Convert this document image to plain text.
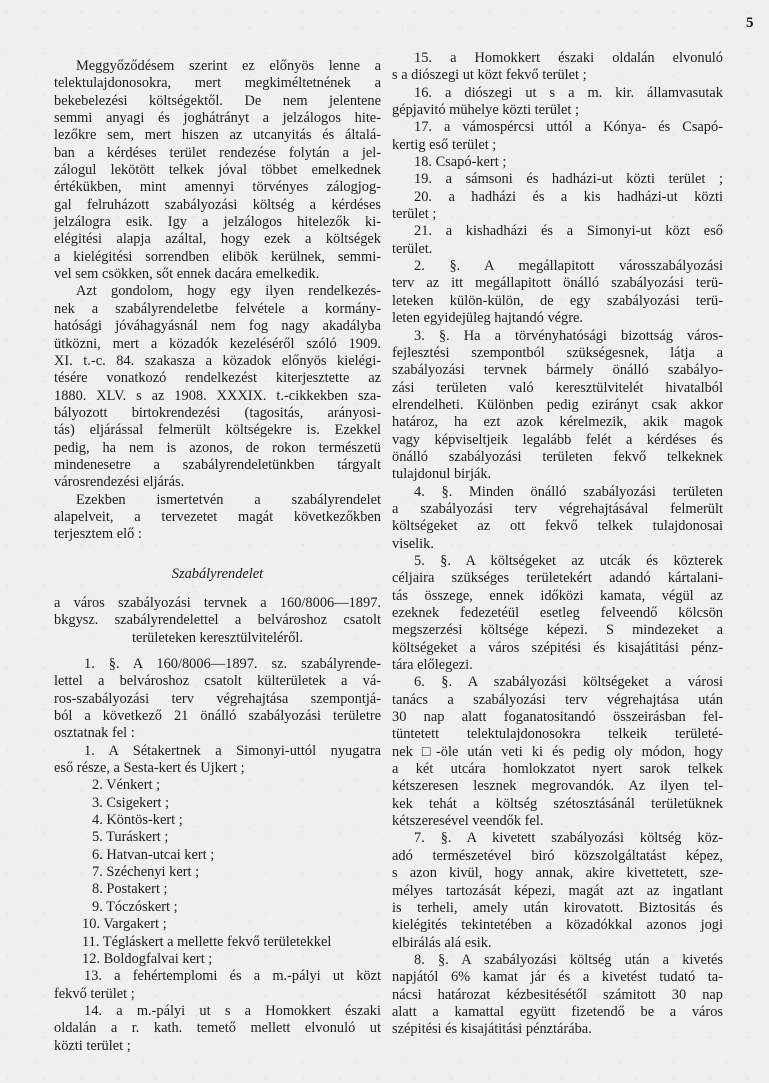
5
Meggyőződésem szerint ez előnyös lenne a
telektulajdonosokra, mert megkiméltetnének a
bekebelezési költségektől. De nem jelentene
semmi anyagi és joghátrányt a jelzálogos hite-
lezőkre sem, mert hiszen az utcanyitás és általá-
ban a kérdéses terület rendezése folytán a jel-
zálogul lekötött telkek jóval többet emelkednek
értékükben, mint amennyi törvényes zálogjog-
gal felruházott szabályozási költség a kérdéses
jelzálogra esik. Igy a jelzálogos hitelezők ki-
elégitési alapja azáltal, hogy ezek a költségek
a kielégitési sorrendben elibök kerülnek, semmi-
vel sem csökken, sőt ennek dacára emelkedik.
Azt gondolom, hogy egy ilyen rendelkezés-
nek a szabályrendeletbe felvétele a kormány-
hatósági jóváhagyásnál nem fog nagy akadályba
ütközni, mert a közadók kezeléséről szóló 1909.
XI. t.-c. 84. szakasza a közadok előnyös kielégi-
tésére vonatkozó rendelkezést kiterjesztette az
1880. XLV. s az 1908. XXXIX. t.-cikkekben sza-
bályozott birtokrendezési (tagositás, arányosi-
tás) eljárással felmerült költségekre is. Ezekkel
pedig, ha nem is azonos, de rokon természetü
mindenesetre a szabályrendeletünkben tárgyalt
városrendezési eljárás.
Ezekben ismertetvén a szabályrendelet
alapelveit, a tervezetet magát következőkben
terjesztem elő :
Szabályrendelet
a város szabályozási tervnek a 160/8006—1897.
bkgysz. szabályrendelettel a belvároshoz csatolt
területeken keresztülviteléről.
1. §. A 160/8006—1897. sz. szabályrende-
lettel a belvároshoz csatolt külterületek a vá-
ros-szabályozási terv végrehajtása szempontjá-
ból a következő 21 önálló szabályozási területre
osztatnak fel :
1. A Sétakertnek a Simonyi-uttól nyugatra
eső része, a Sesta-kert és Ujkert ;
2. Vénkert ;
3. Csigekert ;
4. Köntös-kert ;
5. Turáskert ;
6. Hatvan-utcai kert ;
7. Széchenyi kert ;
8. Postakert ;
9. Tóczóskert ;
10. Vargakert ;
11. Tégláskert a mellette fekvő területekkel
12. Boldogfalvai kert ;
13. a fehértemplomi és a m.-pályi ut közt
fekvő terület ;
14. a m.-pályi ut s a Homokkert északi
oldalán a r. kath. temető mellett elvonuló ut
közti terület ;
15. a Homokkert északi oldalán elvonuló
s a diószegi ut közt fekvő terület ;
16. a diószegi ut s a m. kir. államvasutak
gépjavitó mühelye közti terület ;
17. a vámospércsi uttól a Kónya- és Csapó-
kertig eső terület ;
18. Csapó-kert ;
19. a sámsoni és hadházi-ut közti terület ;
20. a hadházi és a kis hadházi-ut közti
terület ;
21. a kishadházi és a Simonyi-ut közt eső
terület.
2. §. A megállapitott városszabályozási
terv az itt megállapitott önálló szabályozási terü-
leteken külön-külön, de egy szabályozási terü-
leten egyidejüleg hajtandó végre.
3. §. Ha a törvényhatósági bizottság város-
fejlesztési szempontból szükségesnek, látja a
szabályozási tervnek bármely önálló szabályo-
zási területen való keresztülvitelét hivatalból
elrendelheti. Különben pedig ezirányt csak akkor
határoz, ha ezt azok kérelmezik, akik magok
vagy képviseltjeik legalább felét a kérdéses és
önálló szabályozási területen fekvő telkeknek
tulajdonul birják.
4. §. Minden önálló szabályozási területen
a szabályozási terv végrehajtásával felmerült
költségeket az ott fekvő telkek tulajdonosai
viselik.
5. §. A költségeket az utcák és közterek
céljaira szükséges területekért adandó kártalani-
tás összege, ennek időközi kamata, végül az
ezeknek fedezetéül esetleg felveendő kölcsön
megszerzési költsége képezi. S mindezeket a
költségeket a város szépitési és kisajátitási pénz-
tára előlegezi.
6. §. A szabályozási költségeket a városi
tanács a szabályozási terv végrehajtása után
30 nap alatt foganatositandó összeirásban fel-
tüntetett telektulajdonosokra telkeik területé-
nek □-öle után veti ki és pedig oly módon, hogy
a két utcára homlokzatot nyert sarok telkek
kétszeresen lesznek megrovandók. Az ilyen tel-
kek tehát a költség szétosztásánál területüknek
kétszeresével veendők fel.
7. §. A kivetett szabályozási költség köz-
adó természetével biró közszolgáltatást képez,
s azon kivül, hogy annak, akire kivettetett, sze-
mélyes tartozását képezi, magát azt az ingatlant
is terheli, amely után kirovatott. Biztositás és
kielégités tekintetében a közadókkal azonos jogi
elbirálás alá esik.
8. §. A szabályozási költség után a kivetés
napjától 6% kamat jár és a kivetést tudató ta-
nácsi határozat kézbesitésétől számitott 30 nap
alatt a kamattal együtt fizetendő be a város
szépitési és kisajátitási pénztárába.
